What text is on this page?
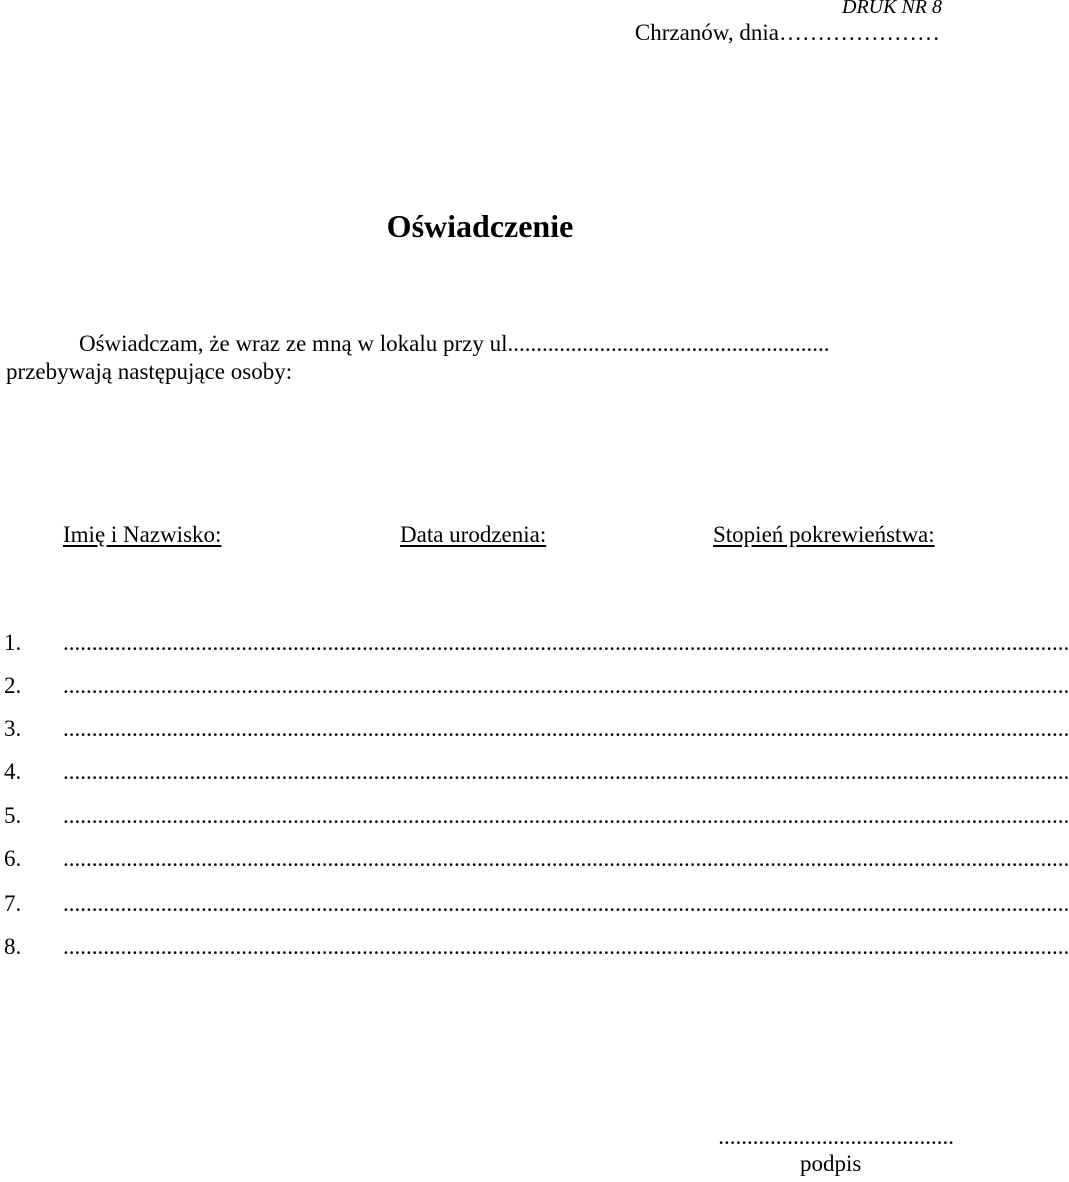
DRUK NR 8
Chrzanów, dnia…………………
Oświadczenie
Oświadczam, że wraz ze mną w lokalu przy ul........................................................
przebywają następujące osoby:
Imię i Nazwisko:	Data urodzenia:	Stopień pokrewieństwa:
1. ...............................................................................................................................................................................
2. ...............................................................................................................................................................................
3. ...............................................................................................................................................................................
4. ...............................................................................................................................................................................
5. ...............................................................................................................................................................................
6. ...............................................................................................................................................................................
7. ...............................................................................................................................................................................
8. ...............................................................................................................................................................................
.........................................
podpis
